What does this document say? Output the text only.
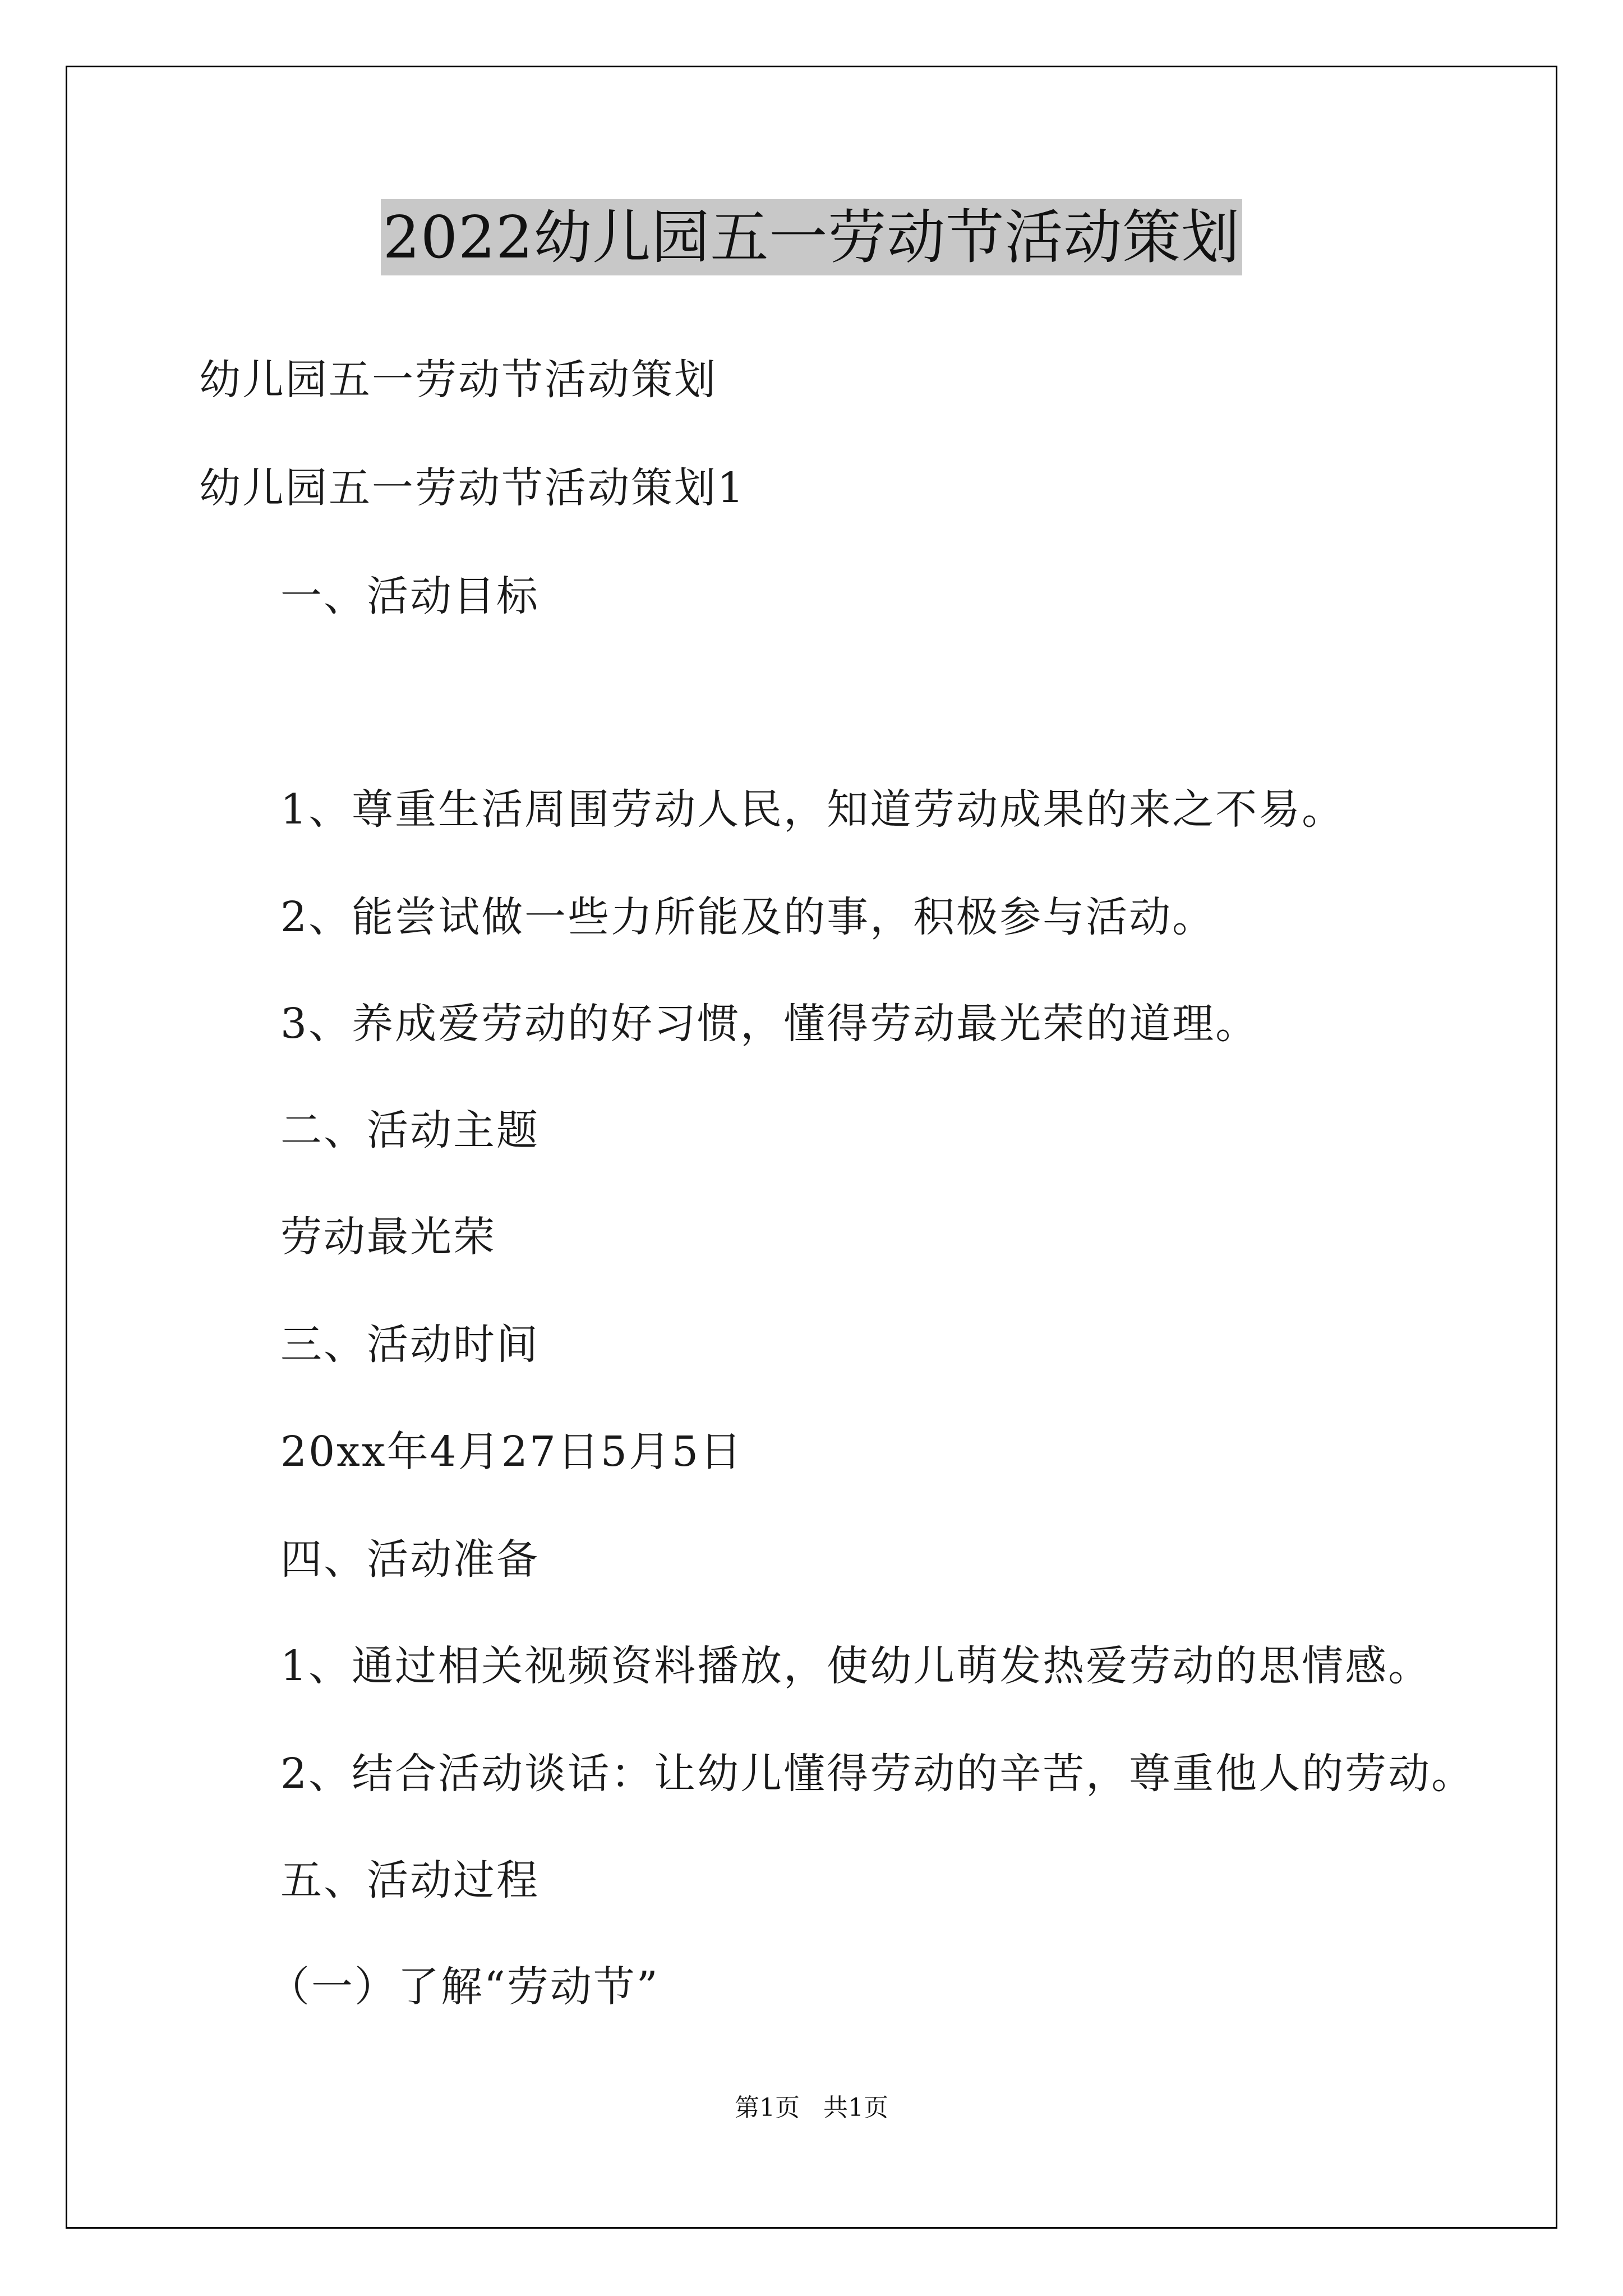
2022幼儿园五一劳动节活动策划
幼儿园五一劳动节活动策划
幼儿园五一劳动节活动策划1
一、活动目标
1、尊重生活周围劳动人民，知道劳动成果的来之不易。
2、能尝试做一些力所能及的事，积极参与活动。
3、养成爱劳动的好习惯，懂得劳动最光荣的道理。
二、活动主题
劳动最光荣
三、活动时间
20xx年4月27日5月5日
四、活动准备
1、通过相关视频资料播放，使幼儿萌发热爱劳动的思情感。
2、结合活动谈话：让幼儿懂得劳动的辛苦，尊重他人的劳动。
五、活动过程
（一）了解“劳动节”
第1页 共1页
